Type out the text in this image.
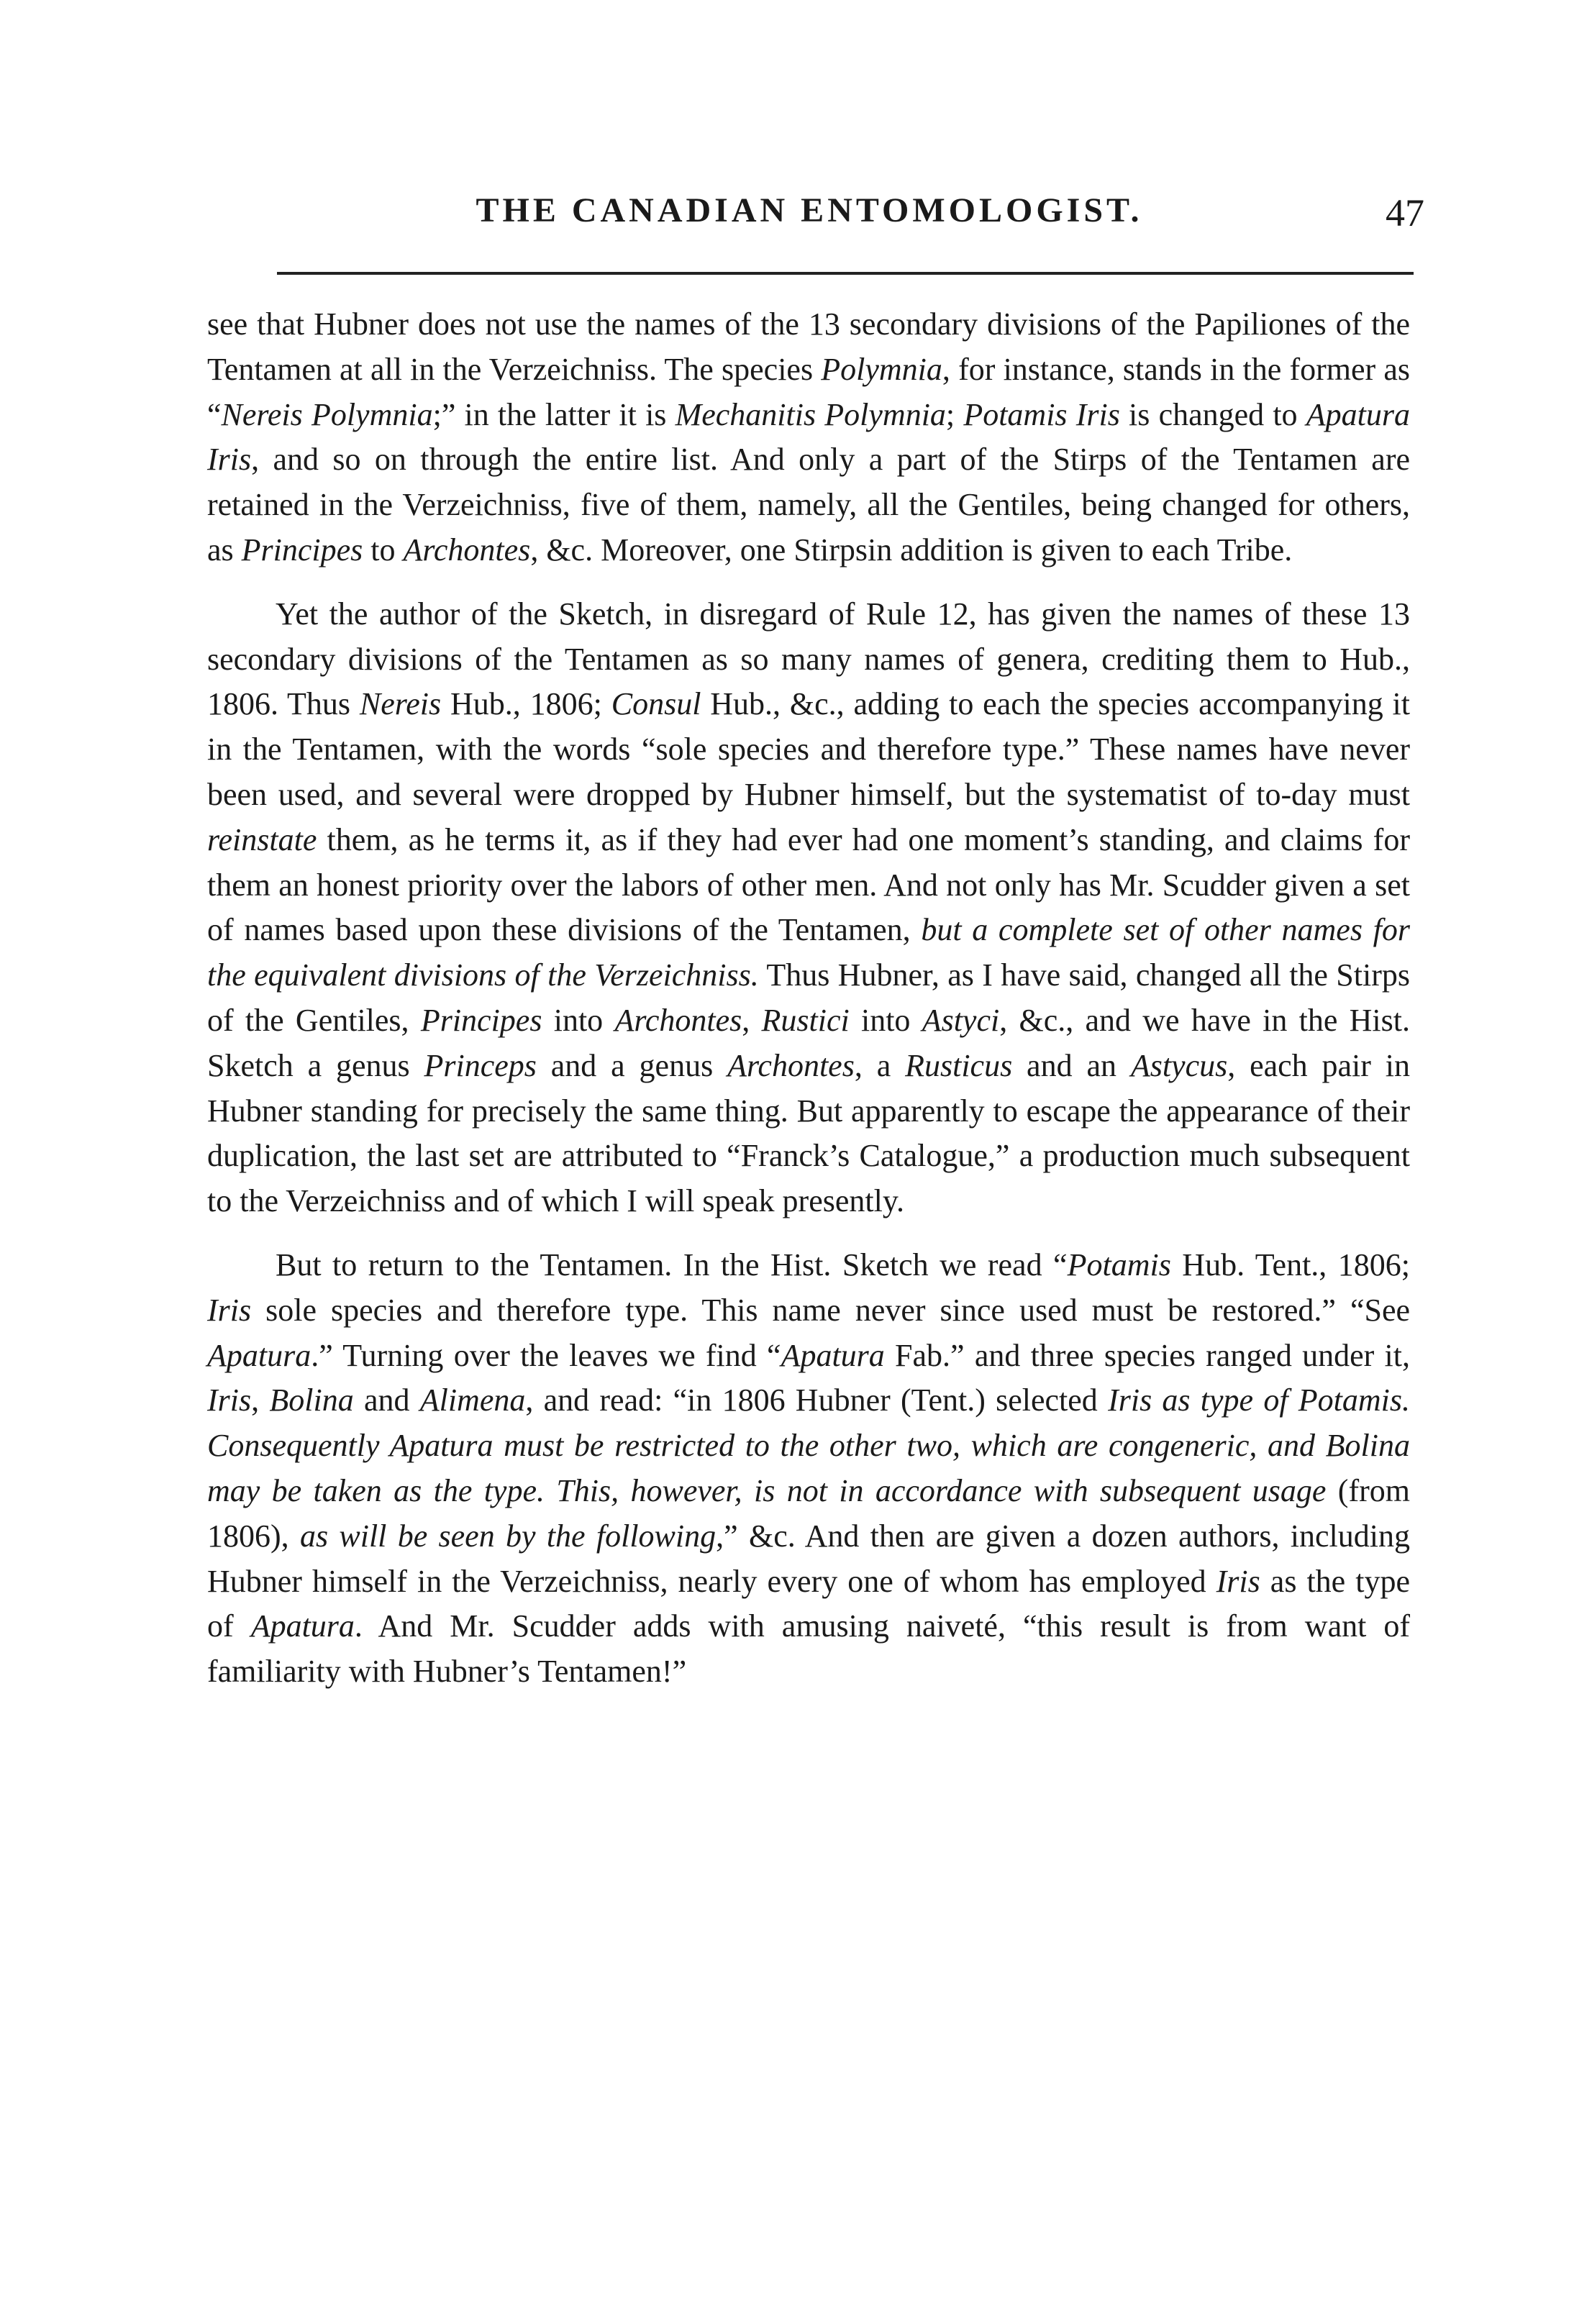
THE CANADIAN ENTOMOLOGIST.	47

see that Hubner does not use the names of the 13 secondary divisions of the Papiliones of the Tentamen at all in the Verzeichniss. The species Polymnia, for instance, stands in the former as “Nereis Polymnia;” in the latter it is Mechanitis Polymnia; Potamis Iris is changed to Apatura Iris, and so on through the entire list. And only a part of the Stirps of the Tentamen are retained in the Verzeichniss, five of them, namely, all the Gentiles, being changed for others, as Principes to Archontes, &c. Moreover, one Stirpsin addition is given to each Tribe.

Yet the author of the Sketch, in disregard of Rule 12, has given the names of these 13 secondary divisions of the Tentamen as so many names of genera, crediting them to Hub., 1806. Thus Nereis Hub., 1806; Consul Hub., &c., adding to each the species accompanying it in the Tentamen, with the words “sole species and therefore type.” These names have never been used, and several were dropped by Hubner himself, but the systematist of to-day must reinstate them, as he terms it, as if they had ever had one moment’s standing, and claims for them an honest priority over the labors of other men. And not only has Mr. Scudder given a set of names based upon these divisions of the Tentamen, but a complete set of other names for the equivalent divisions of the Verzeichniss. Thus Hubner, as I have said, changed all the Stirps of the Gentiles, Principes into Archontes, Rustici into Astyci, &c., and we have in the Hist. Sketch a genus Princeps and a genus Archontes, a Rusticus and an Astycus, each pair in Hubner standing for precisely the same thing. But apparently to escape the appearance of their duplication, the last set are attributed to “Franck’s Catalogue,” a production much subsequent to the Verzeichniss and of which I will speak presently.

But to return to the Tentamen. In the Hist. Sketch we read “Potamis Hub. Tent., 1806; Iris sole species and therefore type. This name never since used must be restored.” “See Apatura.” Turning over the leaves we find “Apatura Fab.” and three species ranged under it, Iris, Bolina and Alimena, and read: “in 1806 Hubner (Tent.) selected Iris as type of Potamis. Consequently Apatura must be restricted to the other two, which are congeneric, and Bolina may be taken as the type. This, however, is not in accordance with subsequent usage (from 1806), as will be seen by the following,” &c. And then are given a dozen authors, including Hubner himself in the Verzeichniss, nearly every one of whom has employed Iris as the type of Apatura. And Mr. Scudder adds with amusing naiveté, “this result is from want of familiarity with Hubner’s Tentamen!”
